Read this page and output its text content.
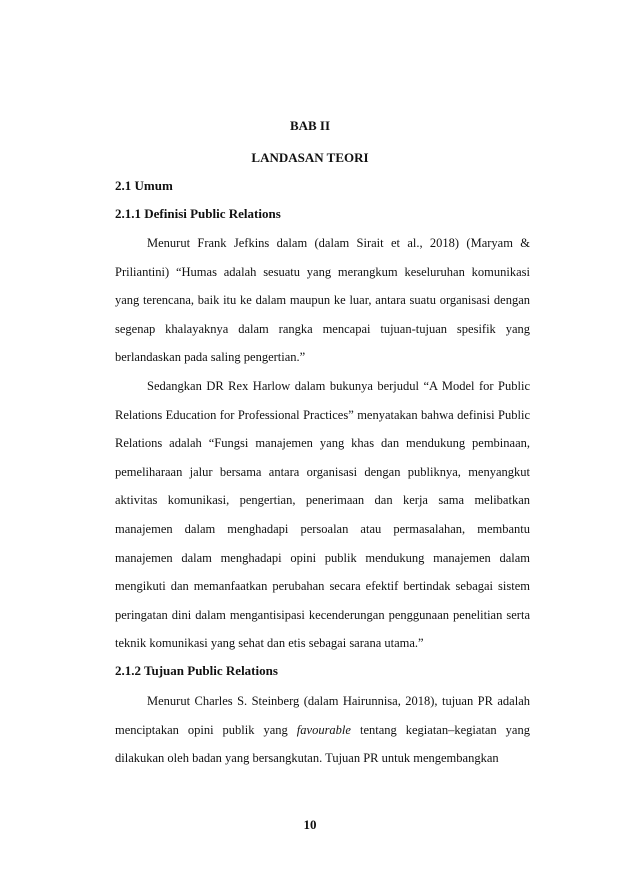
BAB II
LANDASAN TEORI
2.1 Umum
2.1.1 Definisi Public Relations

Menurut Frank Jefkins dalam (dalam Sirait et al., 2018) (Maryam & Priliantini) “Humas adalah sesuatu yang merangkum keseluruhan komunikasi yang terencana, baik itu ke dalam maupun ke luar, antara suatu organisasi dengan segenap khalayaknya dalam rangka mencapai tujuan-tujuan spesifik yang berlandaskan pada saling pengertian.”

Sedangkan DR Rex Harlow dalam bukunya berjudul “A Model for Public Relations Education for Professional Practices” menyatakan bahwa definisi Public Relations adalah “Fungsi manajemen yang khas dan mendukung pembinaan, pemeliharaan jalur bersama antara organisasi dengan publiknya, menyangkut aktivitas komunikasi, pengertian, penerimaan dan kerja sama melibatkan manajemen dalam menghadapi persoalan atau permasalahan, membantu manajemen dalam menghadapi opini publik mendukung manajemen dalam mengikuti dan memanfaatkan perubahan secara efektif bertindak sebagai sistem peringatan dini dalam mengantisipasi kecenderungan penggunaan penelitian serta teknik komunikasi yang sehat dan etis sebagai sarana utama.”

2.1.2 Tujuan Public Relations

Menurut Charles S. Steinberg (dalam Hairunnisa, 2018), tujuan PR adalah menciptakan opini publik yang favourable tentang kegiatan–kegiatan yang dilakukan oleh badan yang bersangkutan. Tujuan PR untuk mengembangkan

10
